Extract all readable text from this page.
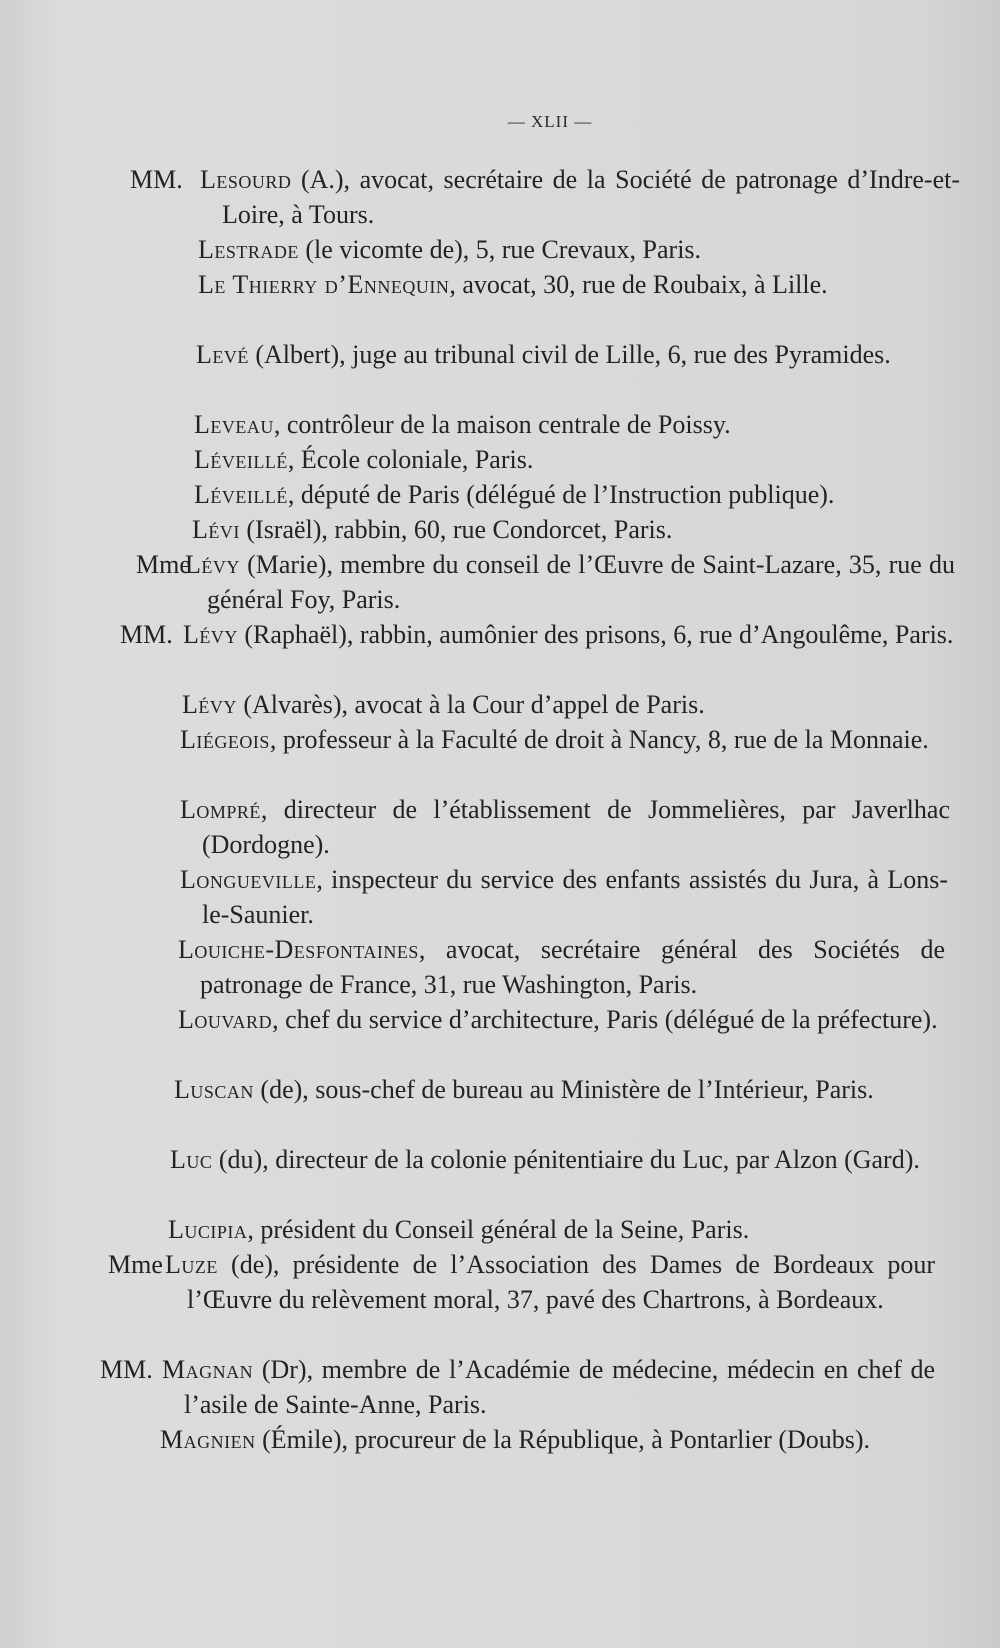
— XLII —
MM. Lesourd (A.), avocat, secrétaire de la Société de patronage d’Indre-et-Loire, à Tours.
Lestrade (le vicomte de), 5, rue Crevaux, Paris.
Le Thierry d’Ennequin, avocat, 30, rue de Roubaix, à Lille.
Levé (Albert), juge au tribunal civil de Lille, 6, rue des Pyramides.
Leveau, contrôleur de la maison centrale de Poissy.
Léveillé, École coloniale, Paris.
Léveillé, député de Paris (délégué de l’Instruction publique).
Lévi (Israël), rabbin, 60, rue Condorcet, Paris.
Mme
Lévy (Marie), membre du conseil de l’Œuvre de Saint-Lazare, 35, rue du général Foy, Paris.
MM. Lévy (Raphaël), rabbin, aumônier des prisons, 6, rue d’Angoulême, Paris.
Lévy (Alvarès), avocat à la Cour d’appel de Paris.
Liégeois, professeur à la Faculté de droit à Nancy, 8, rue de la Monnaie.
Lompré, directeur de l’établissement de Jommelières, par Javerlhac (Dordogne).
Longueville, inspecteur du service des enfants assistés du Jura, à Lons-le-Saunier.
Louiche-Desfontaines, avocat, secrétaire général des Sociétés de patronage de France, 31, rue Washington, Paris.
Louvard, chef du service d’architecture, Paris (délégué de la préfecture).
Luscan (de), sous-chef de bureau au Ministère de l’Intérieur, Paris.
Luc (du), directeur de la colonie pénitentiaire du Luc, par Alzon (Gard).
Lucipia, président du Conseil général de la Seine, Paris.
Mme Luze (de), présidente de l’Association des Dames de Bordeaux pour l’Œuvre du relèvement moral, 37, pavé des Chartrons, à Bordeaux.
MM. Magnan (Dr), membre de l’Académie de médecine, médecin en chef de l’asile de Sainte-Anne, Paris.
Magnien (Émile), procureur de la République, à Pontarlier (Doubs).
